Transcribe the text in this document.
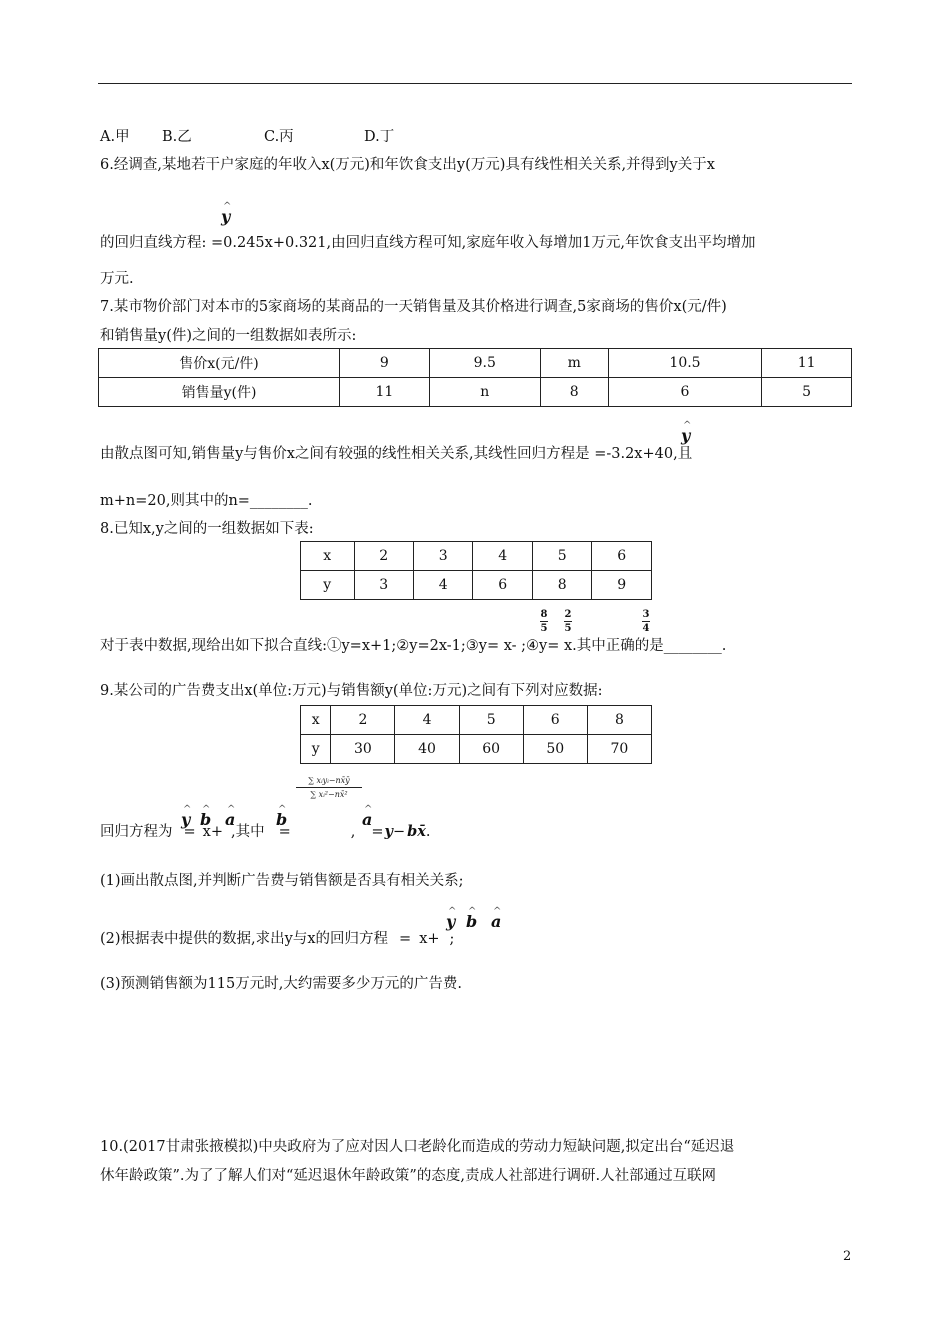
A.甲 B.乙	C.丙	D.丁
6.经调查,某地若干户家庭的年收入x(万元)和年饮食支出y(万元)具有线性相关关系,并得到y关于x
^ y
的回归直线方程: =0.245x+0.321,由回归直线方程可知,家庭年收入每增加1万元,年饮食支出平均增加
万元.
7.某市物价部门对本市的5家商场的某商品的一天销售量及其价格进行调查,5家商场的售价x(元/件)
和销售量y(件)之间的一组数据如表所示:
售价x(元/件)	9	9.5	m	10.5	11
销售量y(件)	11	n	8	6	5
^ y
由散点图可知,销售量y与售价x之间有较强的线性相关关系,其线性回归方程是 =-3.2x+40,且
m+n=20,则其中的n=________.
8.已知x,y之间的一组数据如下表:
x	2	3	4	5	6
y	3	4	6	8	9
8
5
2
5
3
4
对于表中数据,现给出如下拟合直线:①y=x+1;②y=2x-1;③y= x- ;④y= x.其中正确的是________.
9.某公司的广告费支出x(单位:万元)与销售额y(单位:万元)之间有下列对应数据:
x	2	4	5	6	8
y	30	40	60	50	70
∑ xᵢyᵢ−nx̄ȳ
∑ xᵢ²−nx̄²
^ y ^ b ^ a	^ b	^ a
回归方程为 = x+ ,其中 =	, =y− bx̄.
(1)画出散点图,并判断广告费与销售额是否具有相关关系;
^ y ^ b ^ a
(2)根据表中提供的数据,求出y与x的回归方程 = x+ ;
(3)预测销售额为115万元时,大约需要多少万元的广告费.
10.(2017甘肃张掖模拟)中央政府为了应对因人口老龄化而造成的劳动力短缺问题,拟定出台“延迟退
休年龄政策”.为了了解人们对“延迟退休年龄政策”的态度,责成人社部进行调研.人社部通过互联网
2
